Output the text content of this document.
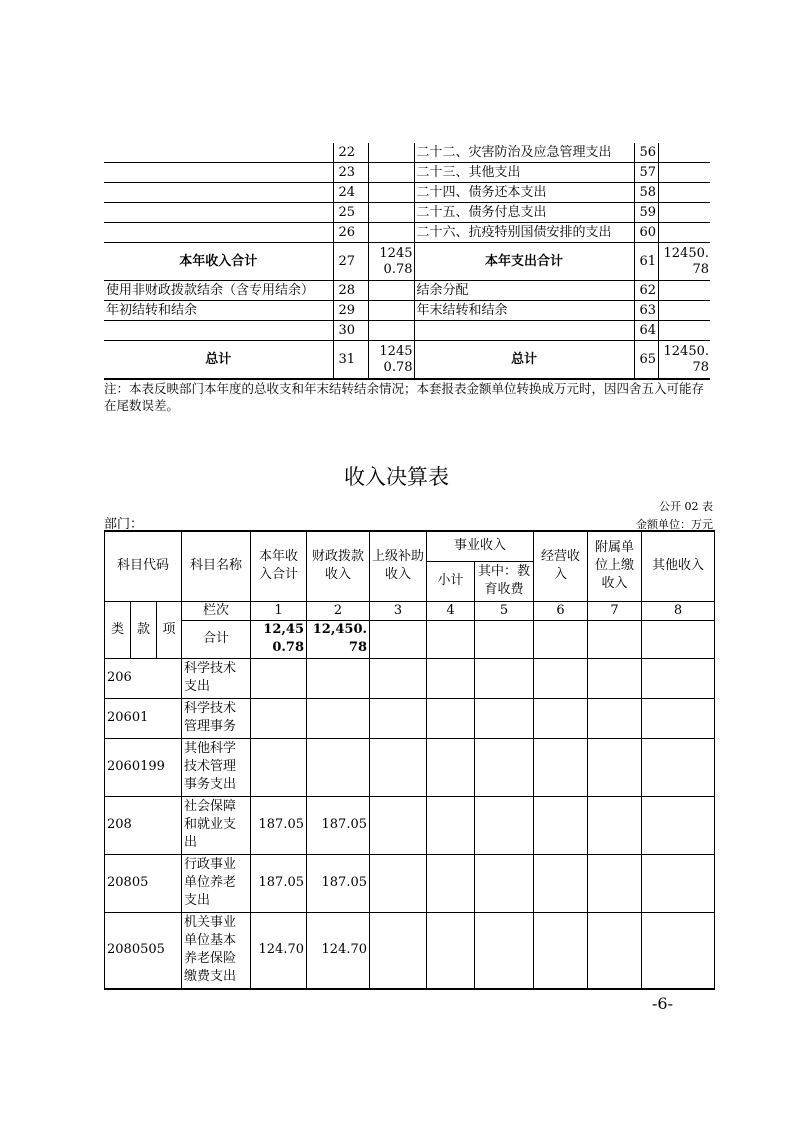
	22		二十二、灾害防治及应急管理支出	56	
	23		二十三、其他支出	57	
	24		二十四、债务还本支出	58	
	25		二十五、债务付息支出	59	
	26		二十六、抗疫特别国债安排的支出	60	
本年收入合计	27	12450.78	本年支出合计	61	12450.78
使用非财政拨款结余（含专用结余）	28		结余分配	62	
年初结转和结余	29		年末结转和结余	63	
	30			64	
总计	31	12450.78	总计	65	12450.78
注：本表反映部门本年度的总收支和年末结转结余情况；本套报表金额单位转换成万元时，因四舍五入可能存在尾数误差。
收入决算表
公开 02 表
部门：	金额单位：万元
科目代码			科目名称	本年收入合计	财政拨款收入	上级补助收入	事业收入		经营收入	附属单位上缴收入	其他收入
							小计	其中：教育收费			
类	款	项	栏次	1	2	3	4	5	6	7	8
			合计	12,450.78	12,450.78						
206			科学技术支出								
20601			科学技术管理事务								
2060199			其他科学技术管理事务支出								
208			社会保障和就业支出	187.05	187.05						
20805			行政事业单位养老支出	187.05	187.05						
2080505			机关事业单位基本养老保险缴费支出	124.70	124.70						
-6-
